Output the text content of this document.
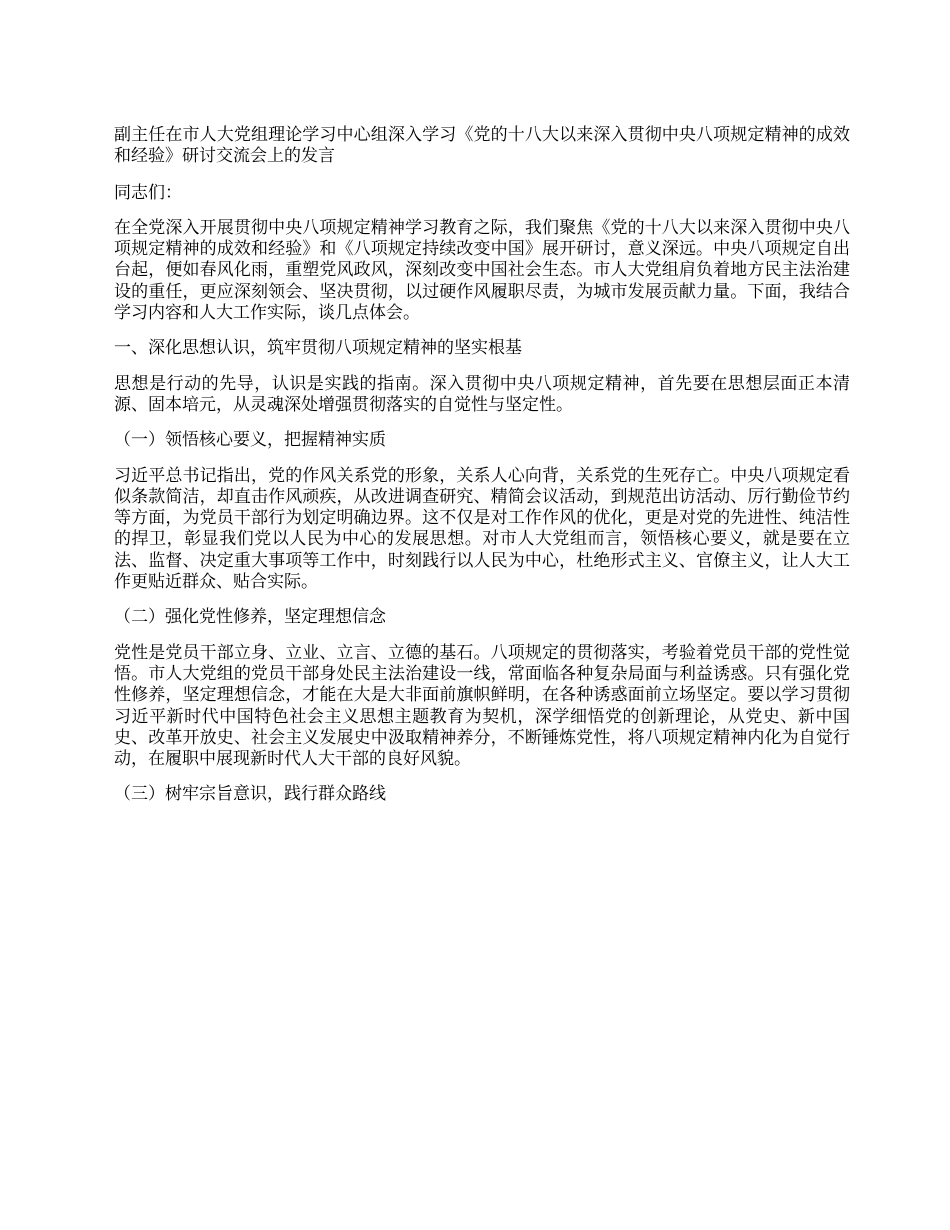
副主任在市人大党组理论学习中心组深入学习《党的十八大以来深入贯彻中央八项规定精神的成效和经验》研讨交流会上的发言

同志们：

在全党深入开展贯彻中央八项规定精神学习教育之际，我们聚焦《党的十八大以来深入贯彻中央八项规定精神的成效和经验》和《八项规定持续改变中国》展开研讨，意义深远。中央八项规定自出台起，便如春风化雨，重塑党风政风，深刻改变中国社会生态。市人大党组肩负着地方民主法治建设的重任，更应深刻领会、坚决贯彻，以过硬作风履职尽责，为城市发展贡献力量。下面，我结合学习内容和人大工作实际，谈几点体会。

一、深化思想认识，筑牢贯彻八项规定精神的坚实根基

思想是行动的先导，认识是实践的指南。深入贯彻中央八项规定精神，首先要在思想层面正本清源、固本培元，从灵魂深处增强贯彻落实的自觉性与坚定性。

（一）领悟核心要义，把握精神实质

习近平总书记指出，党的作风关系党的形象，关系人心向背，关系党的生死存亡。中央八项规定看似条款简洁，却直击作风顽疾，从改进调查研究、精简会议活动，到规范出访活动、厉行勤俭节约等方面，为党员干部行为划定明确边界。这不仅是对工作作风的优化，更是对党的先进性、纯洁性的捍卫，彰显我们党以人民为中心的发展思想。对市人大党组而言，领悟核心要义，就是要在立法、监督、决定重大事项等工作中，时刻践行以人民为中心，杜绝形式主义、官僚主义，让人大工作更贴近群众、贴合实际。

（二）强化党性修养，坚定理想信念

党性是党员干部立身、立业、立言、立德的基石。八项规定的贯彻落实，考验着党员干部的党性觉悟。市人大党组的党员干部身处民主法治建设一线，常面临各种复杂局面与利益诱惑。只有强化党性修养，坚定理想信念，才能在大是大非面前旗帜鲜明，在各种诱惑面前立场坚定。要以学习贯彻习近平新时代中国特色社会主义思想主题教育为契机，深学细悟党的创新理论，从党史、新中国史、改革开放史、社会主义发展史中汲取精神养分，不断锤炼党性，将八项规定精神内化为自觉行动，在履职中展现新时代人大干部的良好风貌。

（三）树牢宗旨意识，践行群众路线
